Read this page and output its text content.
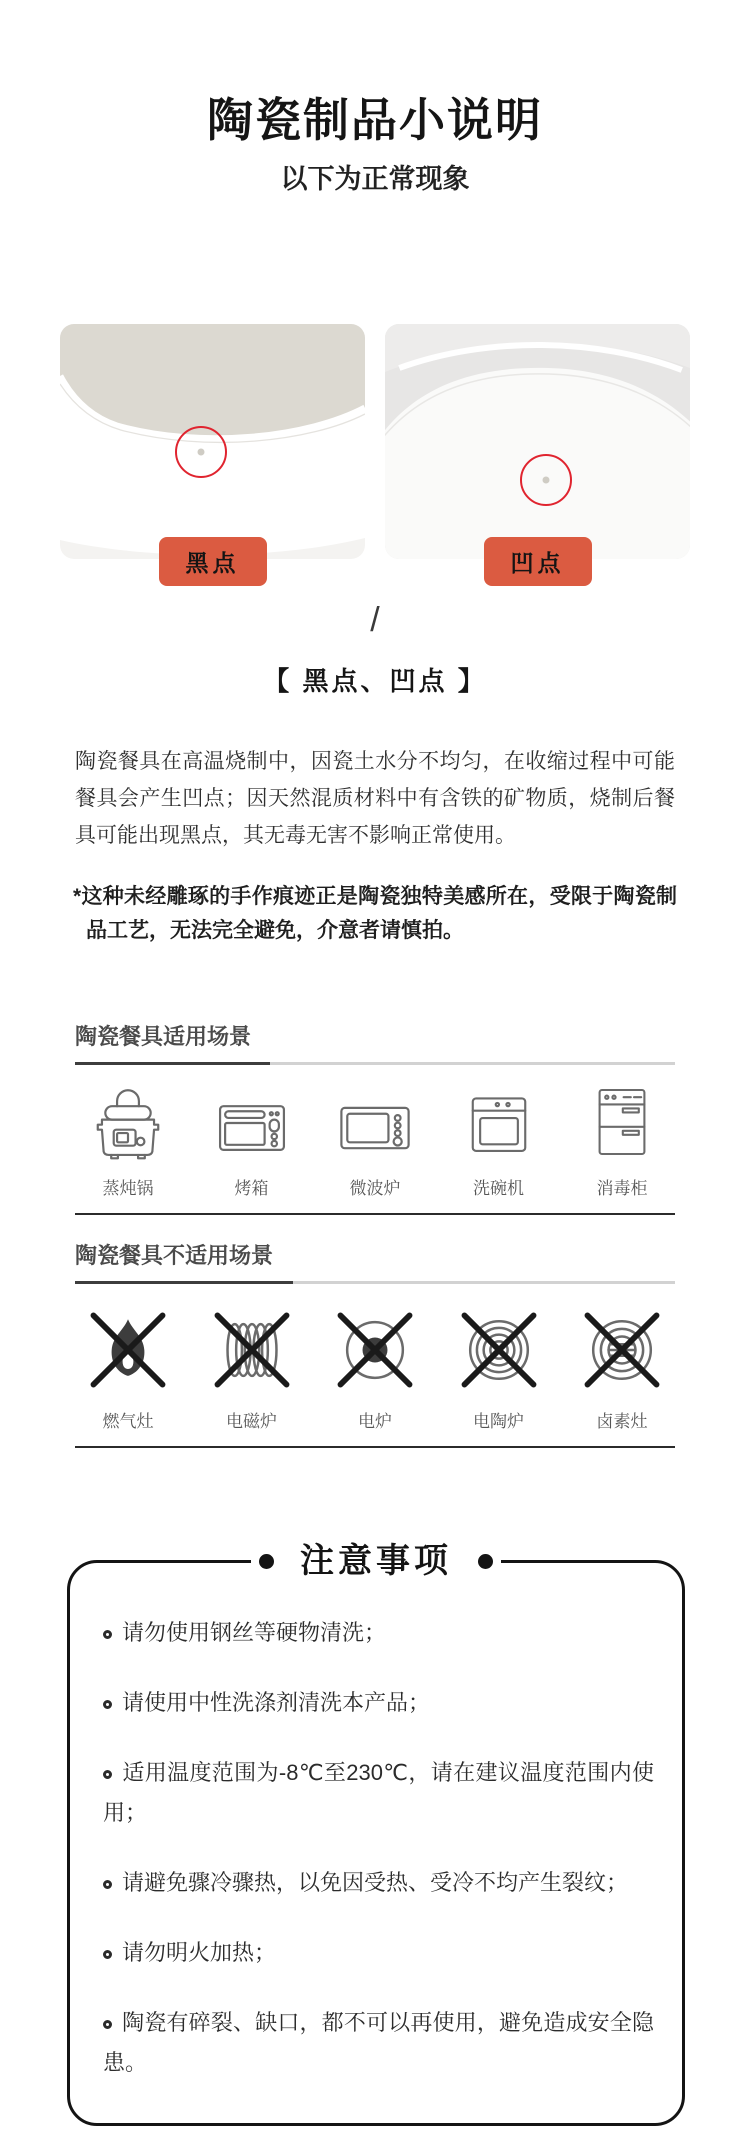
陶瓷制品小说明
以下为正常现象
黑点	凹点
/
【 黑点、凹点 】

陶瓷餐具在高温烧制中，因瓷土水分不均匀，在收缩过程中可能餐具会产生凹点；因天然混质材料中有含铁的矿物质，烧制后餐具可能出现黑点，其无毒无害不影响正常使用。

*这种未经雕琢的手作痕迹正是陶瓷独特美感所在，受限于陶瓷制品工艺，无法完全避免，介意者请慎拍。

陶瓷餐具适用场景
蒸炖锅	烤箱	微波炉	洗碗机	消毒柜
陶瓷餐具不适用场景
燃气灶	电磁炉	电炉	电陶炉	卤素灶
注意事项
请勿使用钢丝等硬物清洗；
请使用中性洗涤剂清洗本产品；
适用温度范围为-8℃至230℃，请在建议温度范围内使用；
请避免骤冷骤热，以免因受热、受冷不均产生裂纹；
请勿明火加热；
陶瓷有碎裂、缺口，都不可以再使用，避免造成安全隐患。
